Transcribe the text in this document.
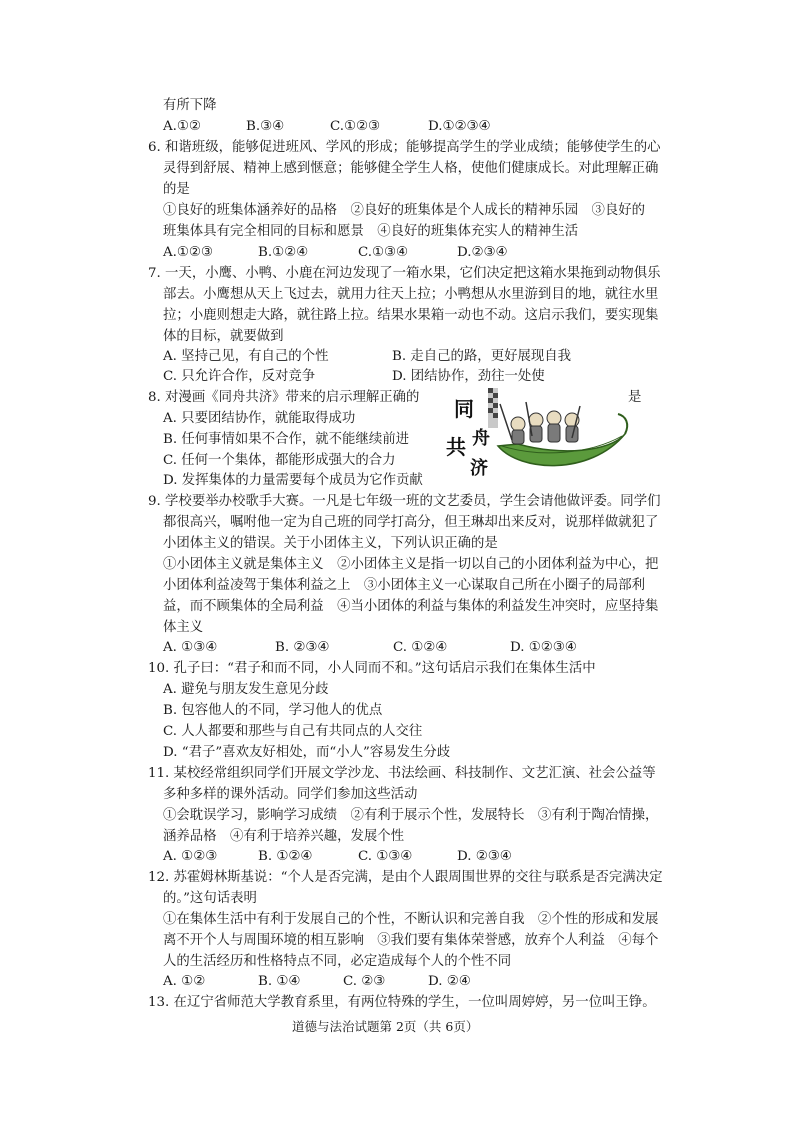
有所下降
A.①②	B.③④	C.①②③	D.①②③④
6. 和谐班级，能够促进班风、学风的形成；能够提高学生的学业成绩；能够使学生的心
灵得到舒展、精神上感到惬意；能够健全学生人格，使他们健康成长。对此理解正确
的是
①良好的班集体涵养好的品格　②良好的班集体是个人成长的精神乐园　③良好的
班集体具有完全相同的目标和愿景　④良好的班集体充实人的精神生活
A.①②③	B.①②④	C.①③④	D.②③④
7. 一天，小鹰、小鸭、小鹿在河边发现了一箱水果，它们决定把这箱水果拖到动物俱乐
部去。小鹰想从天上飞过去，就用力往天上拉；小鸭想从水里游到目的地，就往水里
拉；小鹿则想走大路，就往路上拉。结果水果箱一动也不动。这启示我们，要实现集
体的目标，就要做到
A. 坚持己见，有自己的个性	B. 走自己的路，更好展现自我
C. 只允许合作，反对竞争	D. 团结协作，劲往一处使
8. 对漫画《同舟共济》带来的启示理解正确的	是
A. 只要团结协作，就能取得成功
B. 任何事情如果不合作，就不能继续前进
C. 任何一个集体，都能形成强大的合力
D. 发挥集体的力量需要每个成员为它作贡献
同
共 舟
济
9. 学校要举办校歌手大赛。一凡是七年级一班的文艺委员，学生会请他做评委。同学们
都很高兴，嘱咐他一定为自己班的同学打高分，但王琳却出来反对，说那样做就犯了
小团体主义的错误。关于小团体主义，下列认识正确的是
①小团体主义就是集体主义　②小团体主义是指一切以自己的小团体利益为中心，把
小团体利益凌驾于集体利益之上　③小团体主义一心谋取自己所在小圈子的局部利
益，而不顾集体的全局利益　④当小团体的利益与集体的利益发生冲突时，应坚持集
体主义
A. ①③④	B. ②③④	C. ①②④	D. ①②③④
10. 孔子曰：“君子和而不同，小人同而不和。”这句话启示我们在集体生活中
A. 避免与朋友发生意见分歧
B. 包容他人的不同，学习他人的优点
C. 人人都要和那些与自己有共同点的人交往
D. “君子”喜欢友好相处，而“小人”容易发生分歧
11. 某校经常组织同学们开展文学沙龙、书法绘画、科技制作、文艺汇演、社会公益等
多种多样的课外活动。同学们参加这些活动
①会耽误学习，影响学习成绩　②有利于展示个性，发展特长　③有利于陶冶情操，
涵养品格　④有利于培养兴趣，发展个性
A. ①②③	B. ①②④	C. ①③④	D. ②③④
12. 苏霍姆林斯基说：“个人是否完满，是由个人跟周围世界的交往与联系是否完满决定
的。”这句话表明
①在集体生活中有利于发展自己的个性，不断认识和完善自我　②个性的形成和发展
离不开个人与周围环境的相互影响　③我们要有集体荣誉感，放弃个人利益　④每个
人的生活经历和性格特点不同，必定造成每个人的个性不同
A. ①②	B. ①④	C. ②③	D. ②④
13. 在辽宁省师范大学教育系里，有两位特殊的学生，一位叫周婷婷，另一位叫王铮。
道德与法治试题第 2页（共 6页）
